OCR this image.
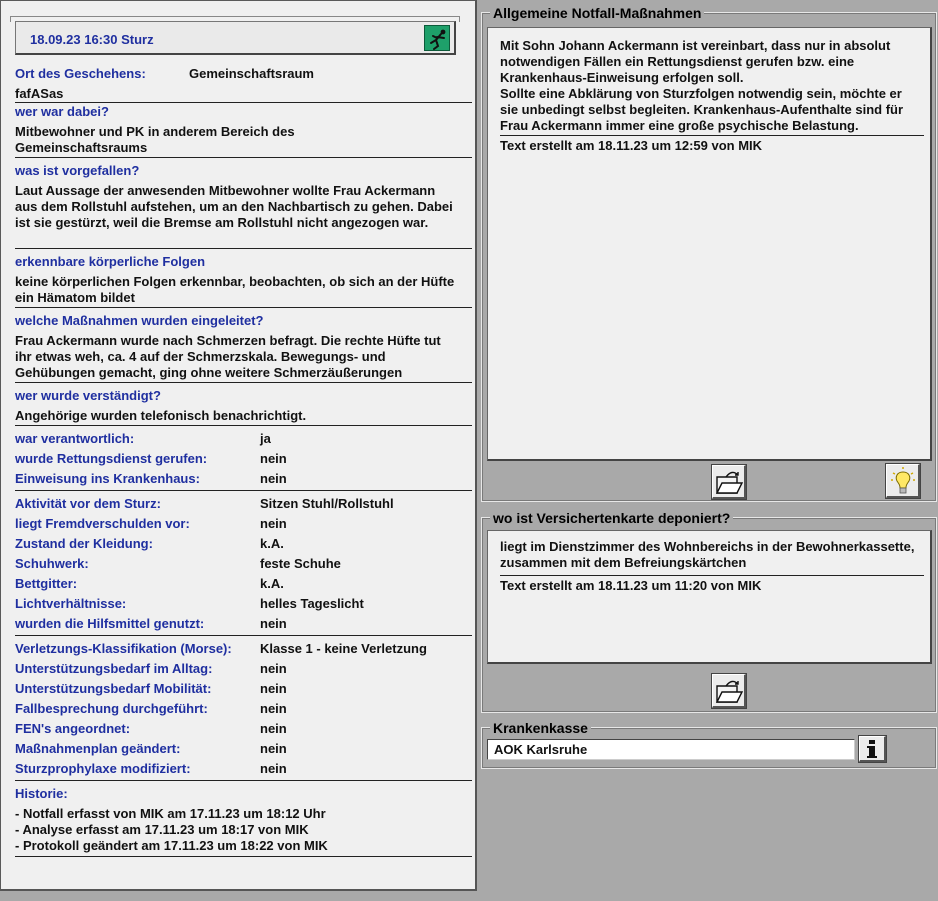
18.09.23 16:30 Sturz
Ort des Geschehens:	Gemeinschaftsraum
fafASas
wer war dabei?
Mitbewohner und PK in anderem Bereich des Gemeinschaftsraums
was ist vorgefallen?
Laut Aussage der anwesenden Mitbewohner wollte Frau Ackermann aus dem Rollstuhl aufstehen, um an den Nachbartisch zu gehen. Dabei ist sie gestürzt, weil die Bremse am Rollstuhl nicht angezogen war.
erkennbare körperliche Folgen
keine körperlichen Folgen erkennbar, beobachten, ob sich an der Hüfte ein Hämatom bildet
welche Maßnahmen wurden eingeleitet?
Frau Ackermann wurde nach Schmerzen befragt. Die rechte Hüfte tut ihr etwas weh, ca. 4 auf der Schmerzskala. Bewegungs- und Gehübungen gemacht, ging ohne weitere Schmerzäußerungen
wer wurde verständigt?
Angehörige wurden telefonisch benachrichtigt.
war verantwortlich:	ja
wurde Rettungsdienst gerufen:	nein
Einweisung ins Krankenhaus:	nein
Aktivität vor dem Sturz:	Sitzen Stuhl/Rollstuhl
liegt Fremdverschulden vor:	nein
Zustand der Kleidung:	k.A.
Schuhwerk:	feste Schuhe
Bettgitter:	k.A.
Lichtverhältnisse:	helles Tageslicht
wurden die Hilfsmittel genutzt:	nein
Verletzungs-Klassifikation (Morse): Klasse 1 - keine Verletzung
Unterstützungsbedarf im Alltag:	nein
Unterstützungsbedarf Mobilität:	nein
Fallbesprechung durchgeführt:	nein
FEN's angeordnet:	nein
Maßnahmenplan geändert:	nein
Sturzprophylaxe modifiziert:	nein
Historie:
- Notfall erfasst von MIK am 17.11.23 um 18:12 Uhr
- Analyse erfasst am 17.11.23 um 18:17 von MIK
- Protokoll geändert am 17.11.23 um 18:22 von MIK
Allgemeine Notfall-Maßnahmen
Mit Sohn Johann Ackermann ist vereinbart, dass nur in absolut notwendigen Fällen ein Rettungsdienst gerufen bzw. eine Krankenhaus-Einweisung erfolgen soll.
Sollte eine Abklärung von Sturzfolgen notwendig sein, möchte er sie unbedingt selbst begleiten. Krankenhaus-Aufenthalte sind für Frau Ackermann immer eine große psychische Belastung.
Text erstellt am 18.11.23 um 12:59 von MIK
wo ist Versichertenkarte deponiert?
liegt im Dienstzimmer des Wohnbereichs in der Bewohnerkassette, zusammen mit dem Befreiungskärtchen
Text erstellt am 18.11.23 um 11:20 von MIK
Krankenkasse
AOK Karlsruhe
